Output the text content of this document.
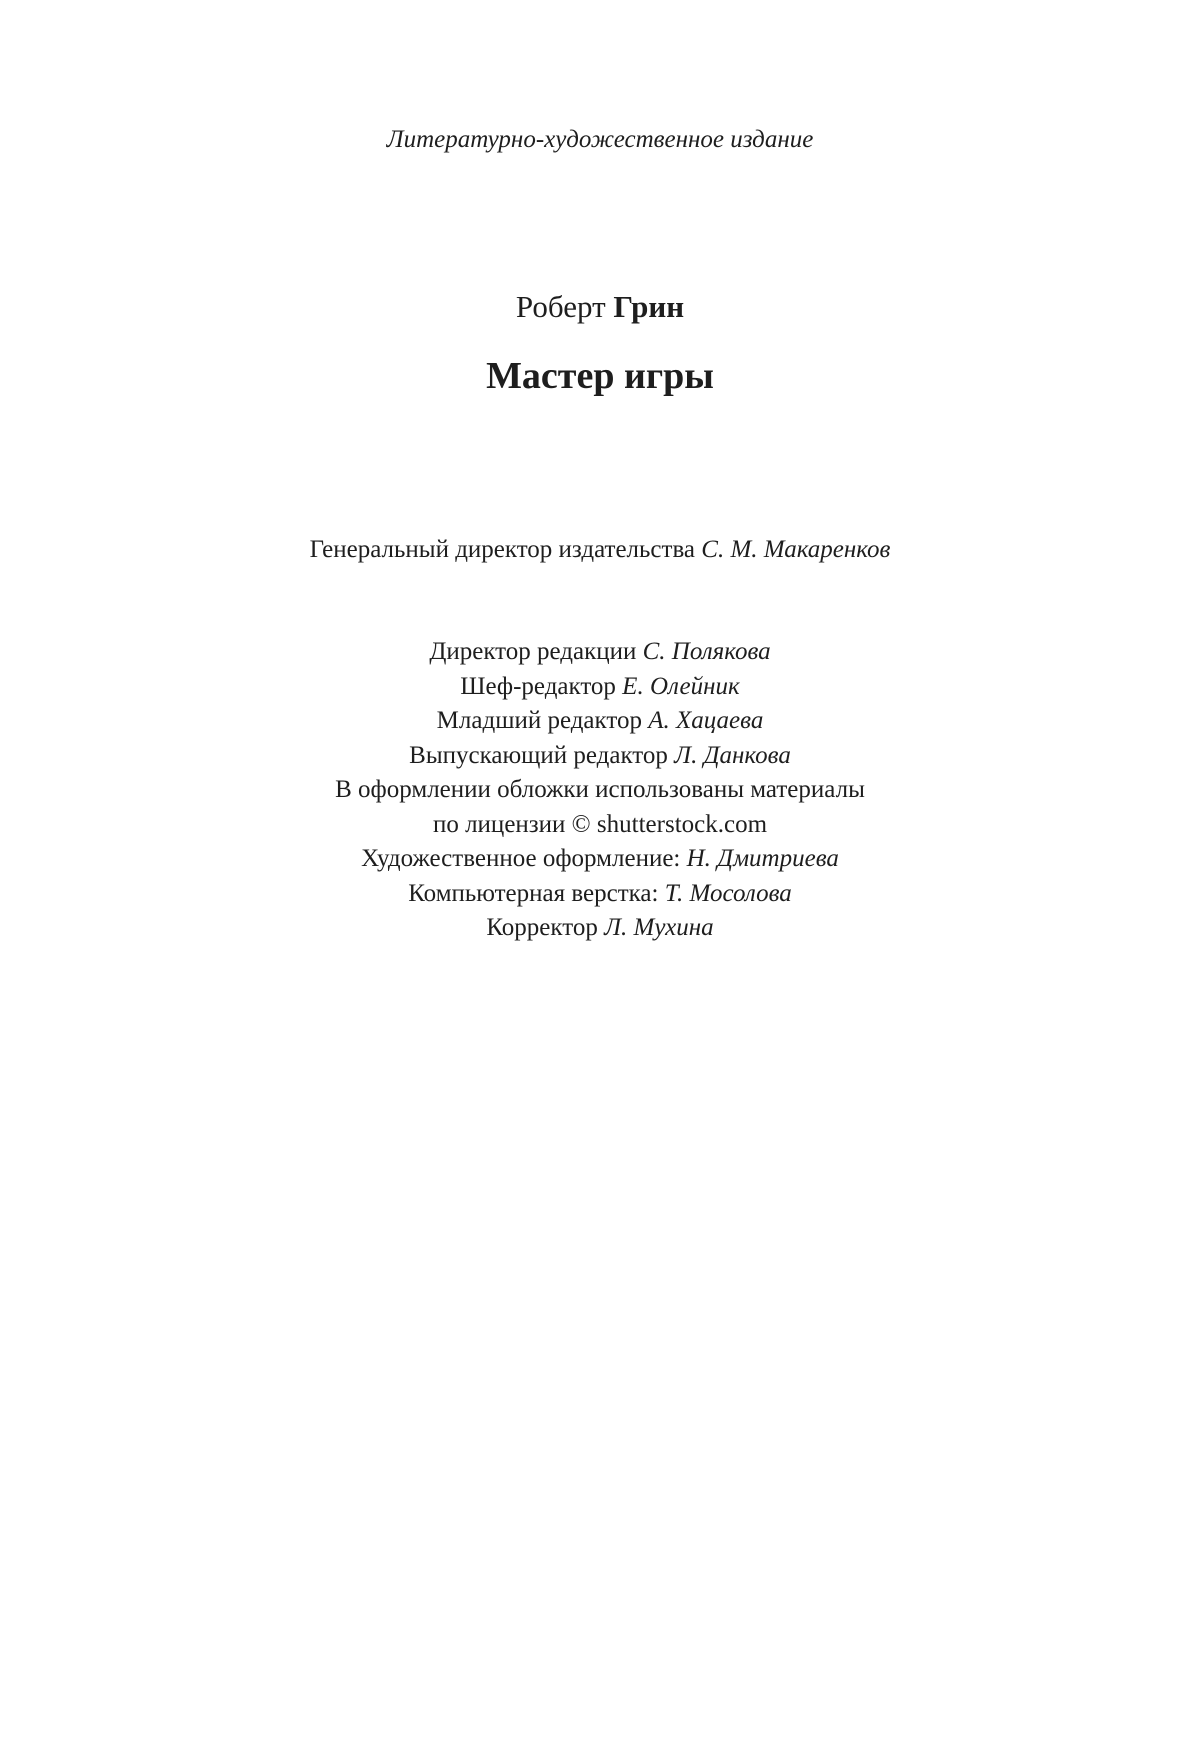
Литературно-художественное издание
Роберт Грин
Мастер игры
Генеральный директор издательства С. М. Макаренков
Директор редакции С. Полякова
Шеф-редактор Е. Олейник
Младший редактор А. Хацаева
Выпускающий редактор Л. Данкова
В оформлении обложки использованы материалы
по лицензии © shutterstock.com
Художественное оформление: Н. Дмитриева
Компьютерная верстка: Т. Мосолова
Корректор Л. Мухина
